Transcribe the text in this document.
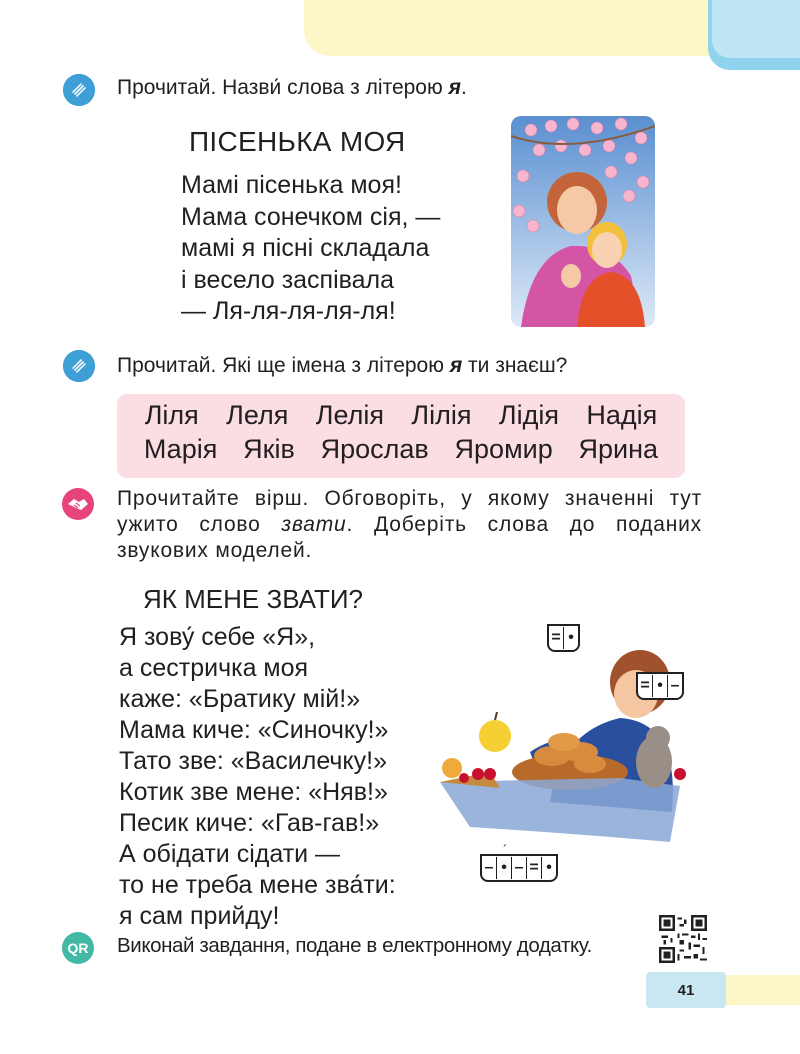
Прочитай. Назви́ слова з літерою я.
ПІСЕНЬКА МОЯ
Мамі пісенька моя!
Мама сонечком сія, —
мамі я пісні складала
і весело заспівала
— Ля-ля-ля-ля-ля!
Прочитай. Які ще імена з літерою я ти знаєш?
Ліля Леля Лелія Лілія Лідія Надія
Марія Яків Ярослав Яромир Ярина
Прочитайте вірш. Обговоріть, у якому значенні тут ужито слово звати. Доберіть слова до поданих звукових моделей.
ЯК МЕНЕ ЗВАТИ?
Я зову́ себе «Я»,
а сестричка моя
каже: «Братику мій!»
Мама киче: «Синочку!»
Тато зве: «Василечку!»
Котик зве мене: «Няв!»
Песик киче: «Гав-гав!»
А обідати сідати —
то не треба мене зва́ти:
я сам прийду!
= •
= • –
– • – = •
´
QR Виконай завдання, подане в електронному додатку.
41
